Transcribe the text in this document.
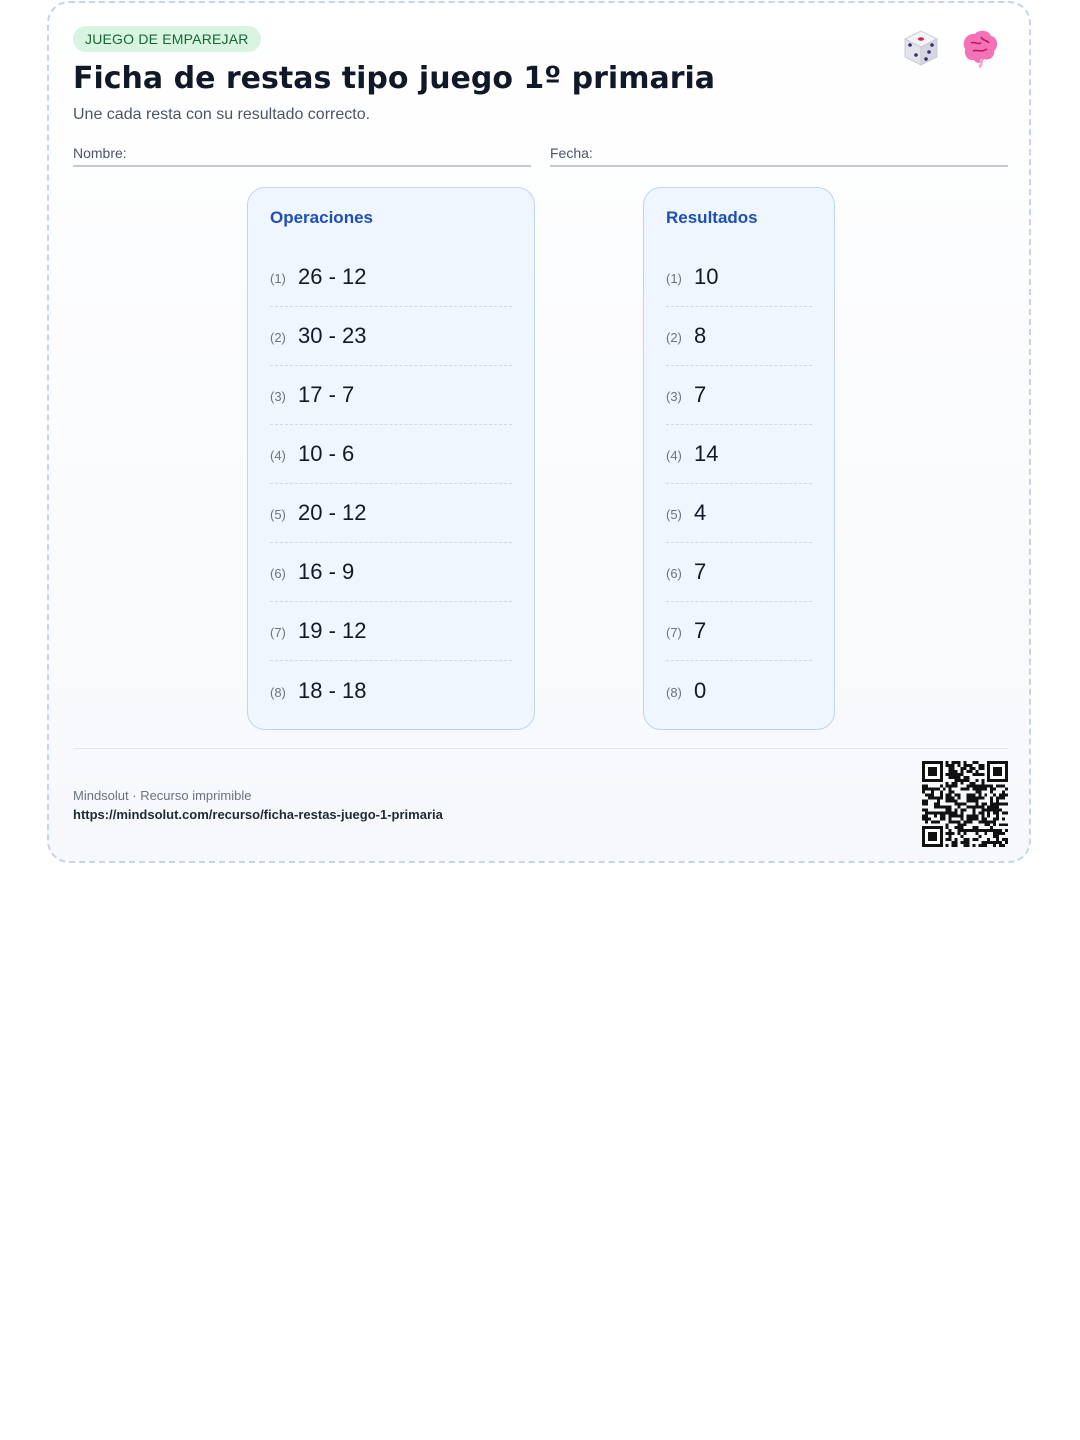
JUEGO DE EMPAREJAR
Ficha de restas tipo juego 1º primaria
Une cada resta con su resultado correcto.
Nombre:	Fecha:
Operaciones
(1) 26 - 12
(2) 30 - 23
(3) 17 - 7
(4) 10 - 6
(5) 20 - 12
(6) 16 - 9
(7) 19 - 12
(8) 18 - 18
Resultados
(1) 10
(2) 8
(3) 7
(4) 14
(5) 4
(6) 7
(7) 7
(8) 0
Mindsolut · Recurso imprimible
https://mindsolut.com/recurso/ficha-restas-juego-1-primaria
